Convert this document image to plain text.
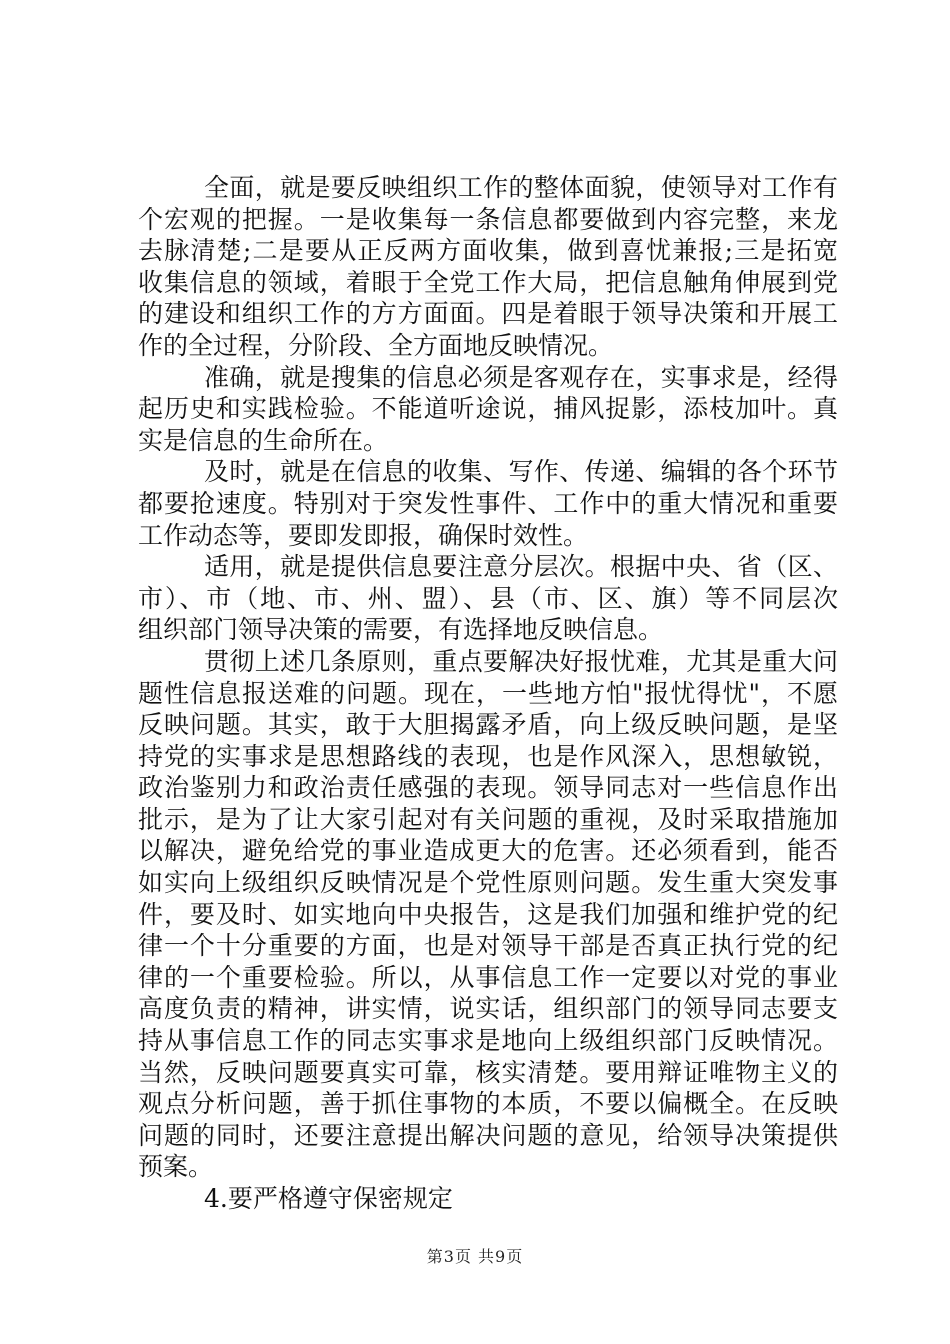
全面，就是要反映组织工作的整体面貌，使领导对工作有
个宏观的把握。一是收集每一条信息都要做到内容完整，来龙
去脉清楚;二是要从正反两方面收集，做到喜忧兼报;三是拓宽
收集信息的领域，着眼于全党工作大局，把信息触角伸展到党
的建设和组织工作的方方面面。四是着眼于领导决策和开展工
作的全过程，分阶段、全方面地反映情况。
准确，就是搜集的信息必须是客观存在，实事求是，经得
起历史和实践检验。不能道听途说，捕风捉影，添枝加叶。真
实是信息的生命所在。
及时，就是在信息的收集、写作、传递、编辑的各个环节
都要抢速度。特别对于突发性事件、工作中的重大情况和重要
工作动态等，要即发即报，确保时效性。
适用，就是提供信息要注意分层次。根据中央、省（区、
市）、市（地、市、州、盟）、县（市、区、旗）等不同层次
组织部门领导决策的需要，有选择地反映信息。
贯彻上述几条原则，重点要解决好报忧难，尤其是重大问
题性信息报送难的问题。现在，一些地方怕"报忧得忧"，不愿
反映问题。其实，敢于大胆揭露矛盾，向上级反映问题，是坚
持党的实事求是思想路线的表现，也是作风深入，思想敏锐，
政治鉴别力和政治责任感强的表现。领导同志对一些信息作出
批示，是为了让大家引起对有关问题的重视，及时采取措施加
以解决，避免给党的事业造成更大的危害。还必须看到，能否
如实向上级组织反映情况是个党性原则问题。发生重大突发事
件，要及时、如实地向中央报告，这是我们加强和维护党的纪
律一个十分重要的方面，也是对领导干部是否真正执行党的纪
律的一个重要检验。所以，从事信息工作一定要以对党的事业
高度负责的精神，讲实情，说实话，组织部门的领导同志要支
持从事信息工作的同志实事求是地向上级组织部门反映情况。
当然，反映问题要真实可靠，核实清楚。要用辩证唯物主义的
观点分析问题，善于抓住事物的本质，不要以偏概全。在反映
问题的同时，还要注意提出解决问题的意见，给领导决策提供
预案。
4.要严格遵守保密规定
第3页 共9页
